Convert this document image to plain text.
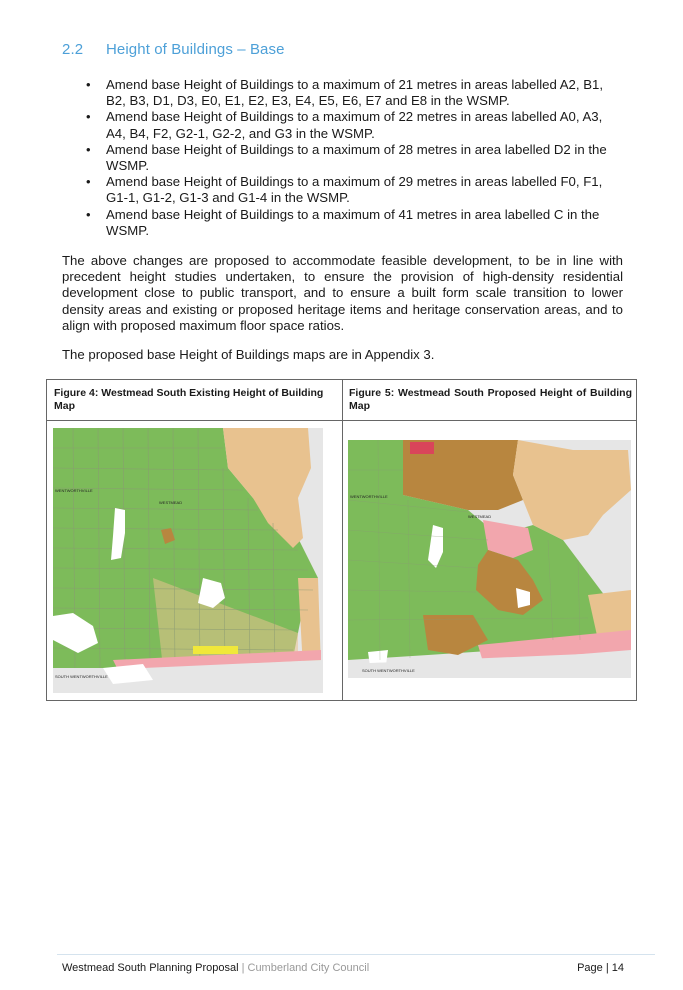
2.2 Height of Buildings – Base
• Amend base Height of Buildings to a maximum of 21 metres in areas labelled A2, B1, B2, B3, D1, D3, E0, E1, E2, E3, E4, E5, E6, E7 and E8 in the WSMP.
• Amend base Height of Buildings to a maximum of 22 metres in areas labelled A0, A3, A4, B4, F2, G2-1, G2-2, and G3 in the WSMP.
• Amend base Height of Buildings to a maximum of 28 metres in area labelled D2 in the WSMP.
• Amend base Height of Buildings to a maximum of 29 metres in areas labelled F0, F1, G1-1, G1-2, G1-3 and G1-4 in the WSMP.
• Amend base Height of Buildings to a maximum of 41 metres in area labelled C in the WSMP.

The above changes are proposed to accommodate feasible development, to be in line with precedent height studies undertaken, to ensure the provision of high-density residential development close to public transport, and to ensure a built form scale transition to lower density areas and existing or proposed heritage items and heritage conservation areas, and to align with proposed maximum floor space ratios.

The proposed base Height of Buildings maps are in Appendix 3.

Figure 4: Westmead South Existing Height of Building Map
Figure 5: Westmead South Proposed Height of Building Map
WENTWORTHVILLE
WESTMEAD
SOUTH WENTWORTHVILLE
WENTWORTHVILLE
WESTMEAD
SOUTH WENTWORTHVILLE
Westmead South Planning Proposal | Cumberland City Council	Page | 14
